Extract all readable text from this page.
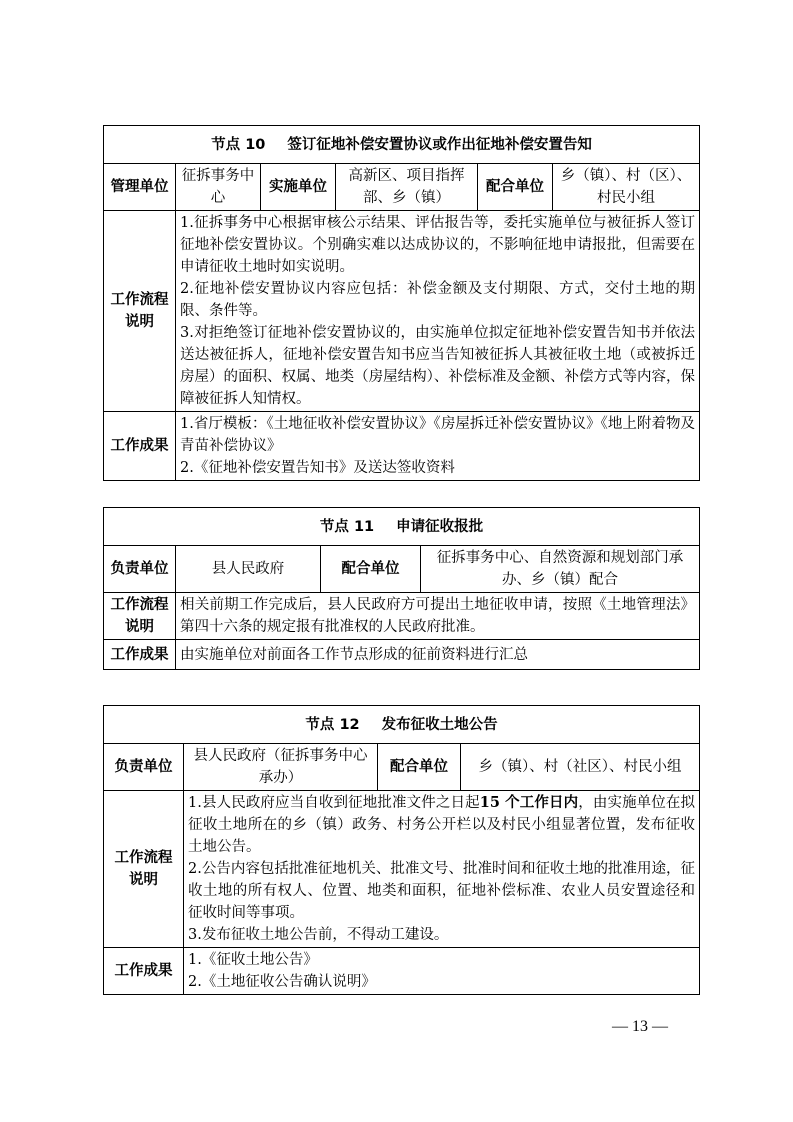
节点 10 签订征地补偿安置协议或作出征地补偿安置告知					
管理单位	征拆事务中心	实施单位	高新区、项目指挥部、乡（镇）	配合单位	乡（镇）、村（区）、村民小组
工作流程说明	1.征拆事务中心根据审核公示结果、评估报告等，委托实施单位与被征拆人签订征地补偿安置协议。个别确实难以达成协议的，不影响征地申请报批，但需要在申请征收土地时如实说明。
2.征地补偿安置协议内容应包括：补偿金额及支付期限、方式，交付土地的期限、条件等。
3.对拒绝签订征地补偿安置协议的，由实施单位拟定征地补偿安置告知书并依法送达被征拆人，征地补偿安置告知书应当告知被征拆人其被征收土地（或被拆迁房屋）的面积、权属、地类（房屋结构）、补偿标准及金额、补偿方式等内容，保障被征拆人知情权。				

工作成果	1.省厅模板：《土地征收补偿安置协议》《房屋拆迁补偿安置协议》《地上附着物及青苗补偿协议》
2.《征地补偿安置告知书》及送达签收资料				
节点 11 申请征收报批			
负责单位	县人民政府	配合单位	征拆事务中心、自然资源和规划部门承办、乡（镇）配合
工作流程说明	相关前期工作完成后，县人民政府方可提出土地征收申请，按照《土地管理法》第四十六条的规定报有批准权的人民政府批准。		
工作成果	由实施单位对前面各工作节点形成的征前资料进行汇总		
节点 12 发布征收土地公告			
负责单位	县人民政府（征拆事务中心承办）	配合单位	乡（镇）、村（社区）、村民小组
工作流程说明	1.县人民政府应当自收到征地批准文件之日起15 个工作日内，由实施单位在拟征收土地所在的乡（镇）政务、村务公开栏以及村民小组显著位置，发布征收土地公告。
2.公告内容包括批准征地机关、批准文号、批准时间和征收土地的批准用途，征收土地的所有权人、位置、地类和面积，征地补偿标准、农业人员安置途径和征收时间等事项。
3.发布征收土地公告前，不得动工建设。		

工作成果	1.《征收土地公告》
2.《土地征收公告确认说明》		
— 13 —
